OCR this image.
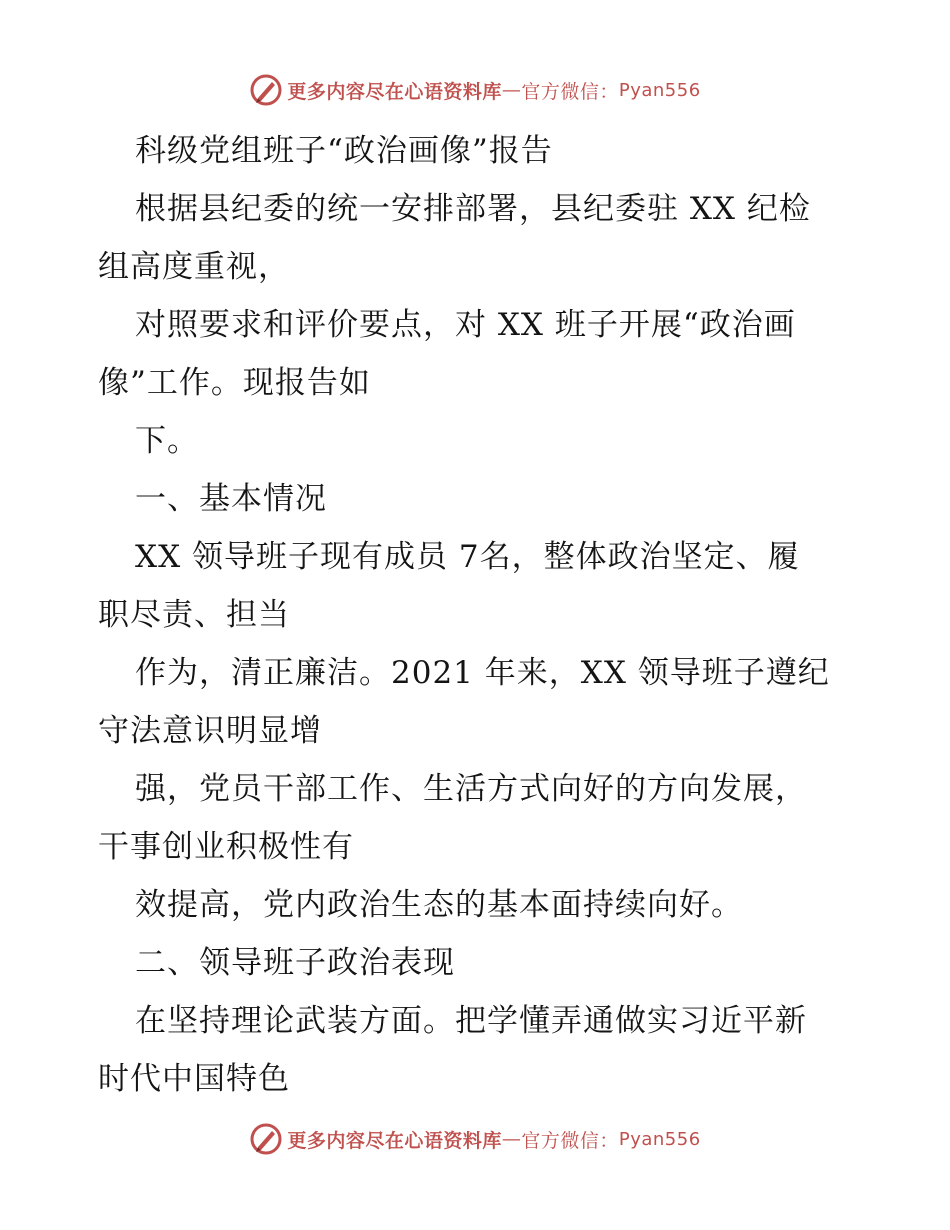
更多内容尽在心语资料库 — 官方微信： Pyan556
科级党组班子“政治画像”报告
根据县纪委的统一安排部署，县纪委驻 XX 纪检
组高度重视，
对照要求和评价要点，对 XX 班子开展“政治画
像”工作。现报告如
下。
一、基本情况
XX 领导班子现有成员 7名，整体政治坚定、履
职尽责、担当
作为，清正廉洁。2021 年来，XX 领导班子遵纪
守法意识明显增
强，党员干部工作、生活方式向好的方向发展，
干事创业积极性有
效提高，党内政治生态的基本面持续向好。
二、领导班子政治表现
在坚持理论武装方面。把学懂弄通做实习近平新
时代中国特色
更多内容尽在心语资料库 — 官方微信： Pyan556
